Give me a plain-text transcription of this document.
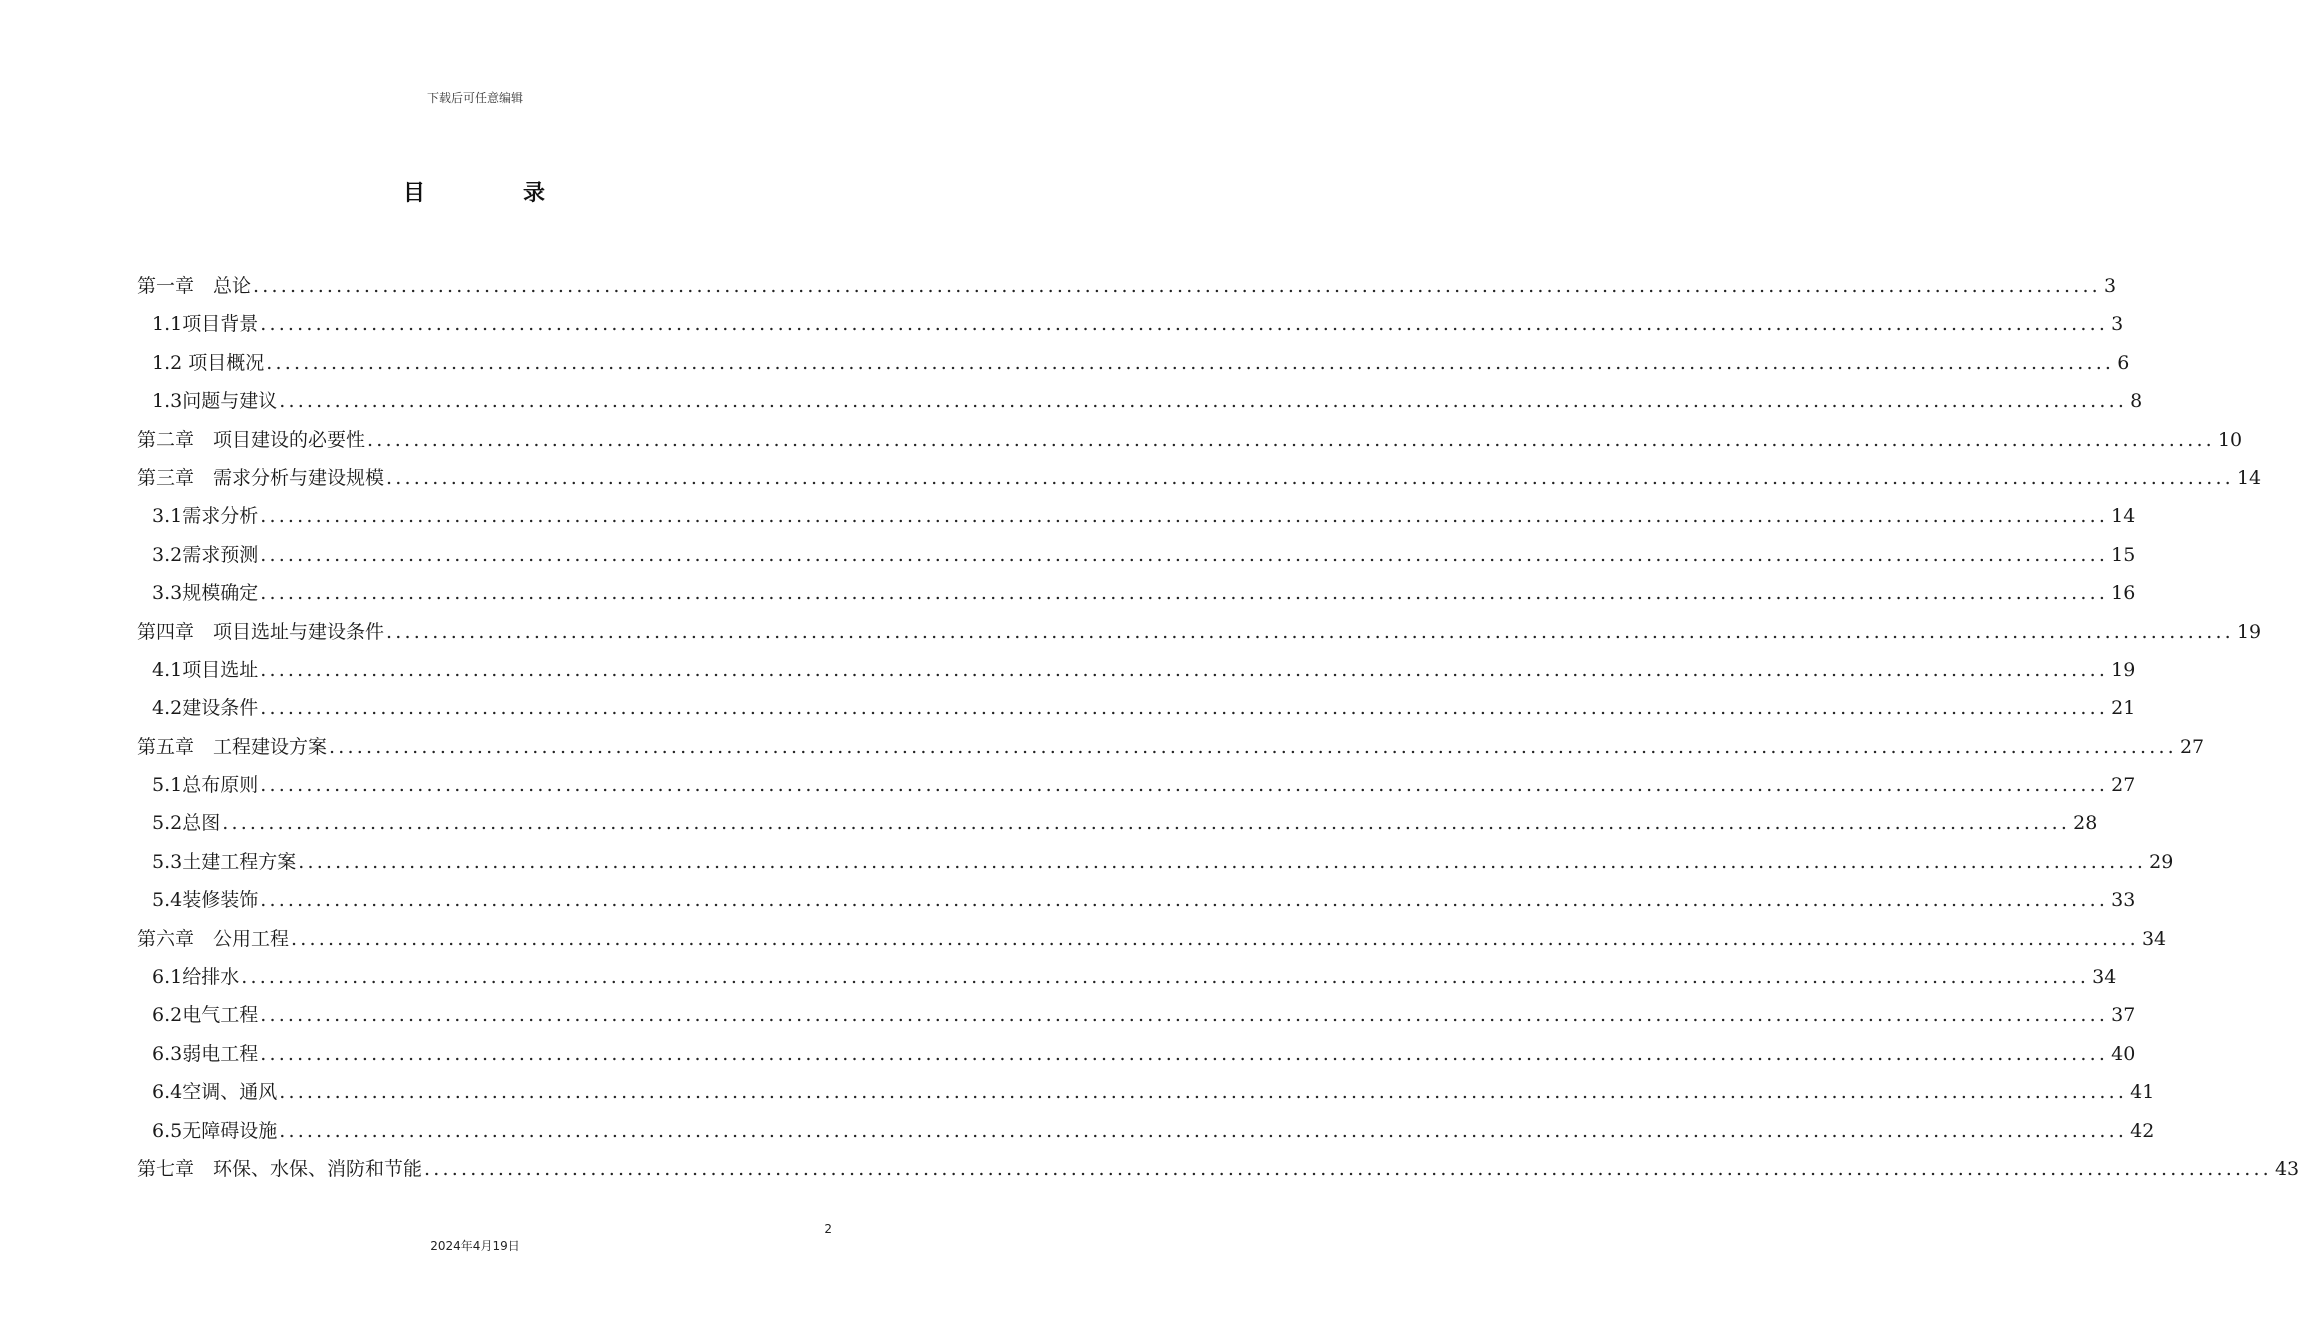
下载后可任意编辑
目	录
第一章　总论 ........................................................................................................................................................................................................ 3
1.1项目背景 ........................................................................................................................................................................................................ 3
1.2 项目概况 ........................................................................................................................................................................................................ 6
1.3问题与建议 ........................................................................................................................................................................................................ 8
第二章　项目建设的必要性 ........................................................................................................................................................................................................ 10
第三章　需求分析与建设规模 ........................................................................................................................................................................................................ 14
3.1需求分析 ........................................................................................................................................................................................................ 14
3.2需求预测 ........................................................................................................................................................................................................ 15
3.3规模确定 ........................................................................................................................................................................................................ 16
第四章　项目选址与建设条件 ........................................................................................................................................................................................................ 19
4.1项目选址 ........................................................................................................................................................................................................ 19
4.2建设条件 ........................................................................................................................................................................................................ 21
第五章　工程建设方案 ........................................................................................................................................................................................................ 27
5.1总布原则 ........................................................................................................................................................................................................ 27
5.2总图 ........................................................................................................................................................................................................ 28
5.3土建工程方案 ........................................................................................................................................................................................................ 29
5.4装修装饰 ........................................................................................................................................................................................................ 33
第六章　公用工程 ........................................................................................................................................................................................................ 34
6.1给排水 ........................................................................................................................................................................................................ 34
6.2电气工程 ........................................................................................................................................................................................................ 37
6.3弱电工程 ........................................................................................................................................................................................................ 40
6.4空调、通风 ........................................................................................................................................................................................................ 41
6.5无障碍设施 ........................................................................................................................................................................................................ 42
第七章　环保、水保、消防和节能 ........................................................................................................................................................................................................ 43
2
2024年4月19日
